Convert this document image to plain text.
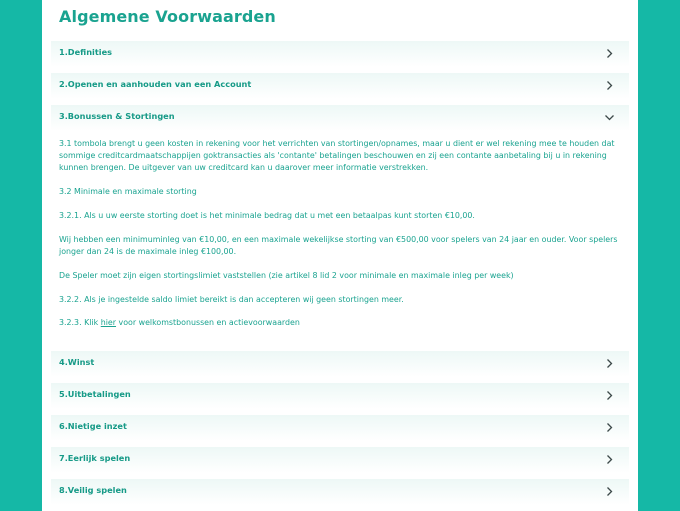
Algemene Voorwaarden
1.Definities
2.Openen en aanhouden van een Account
3.Bonussen & Stortingen

3.1 tombola brengt u geen kosten in rekening voor het verrichten van stortingen/opnames, maar u dient er wel rekening mee te houden dat sommige creditcardmaatschappijen goktransacties als 'contante' betalingen beschouwen en zij een contante aanbetaling bij u in rekening kunnen brengen. De uitgever van uw creditcard kan u daarover meer informatie verstrekken.

3.2 Minimale en maximale storting

3.2.1. Als u uw eerste storting doet is het minimale bedrag dat u met een betaalpas kunt storten €10,00.

Wij hebben een minimuminleg van €10,00, en een maximale wekelijkse storting van €500,00 voor spelers van 24 jaar en ouder. Voor spelers jonger dan 24 is de maximale inleg €100,00.

De Speler moet zijn eigen stortingslimiet vaststellen (zie artikel 8 lid 2 voor minimale en maximale inleg per week)

3.2.2. Als je ingestelde saldo limiet bereikt is dan accepteren wij geen stortingen meer.

3.2.3. Klik hier voor welkomstbonussen en actievoorwaarden

4.Winst
5.Uitbetalingen
6.Nietige inzet
7.Eerlijk spelen
8.Veilig spelen
